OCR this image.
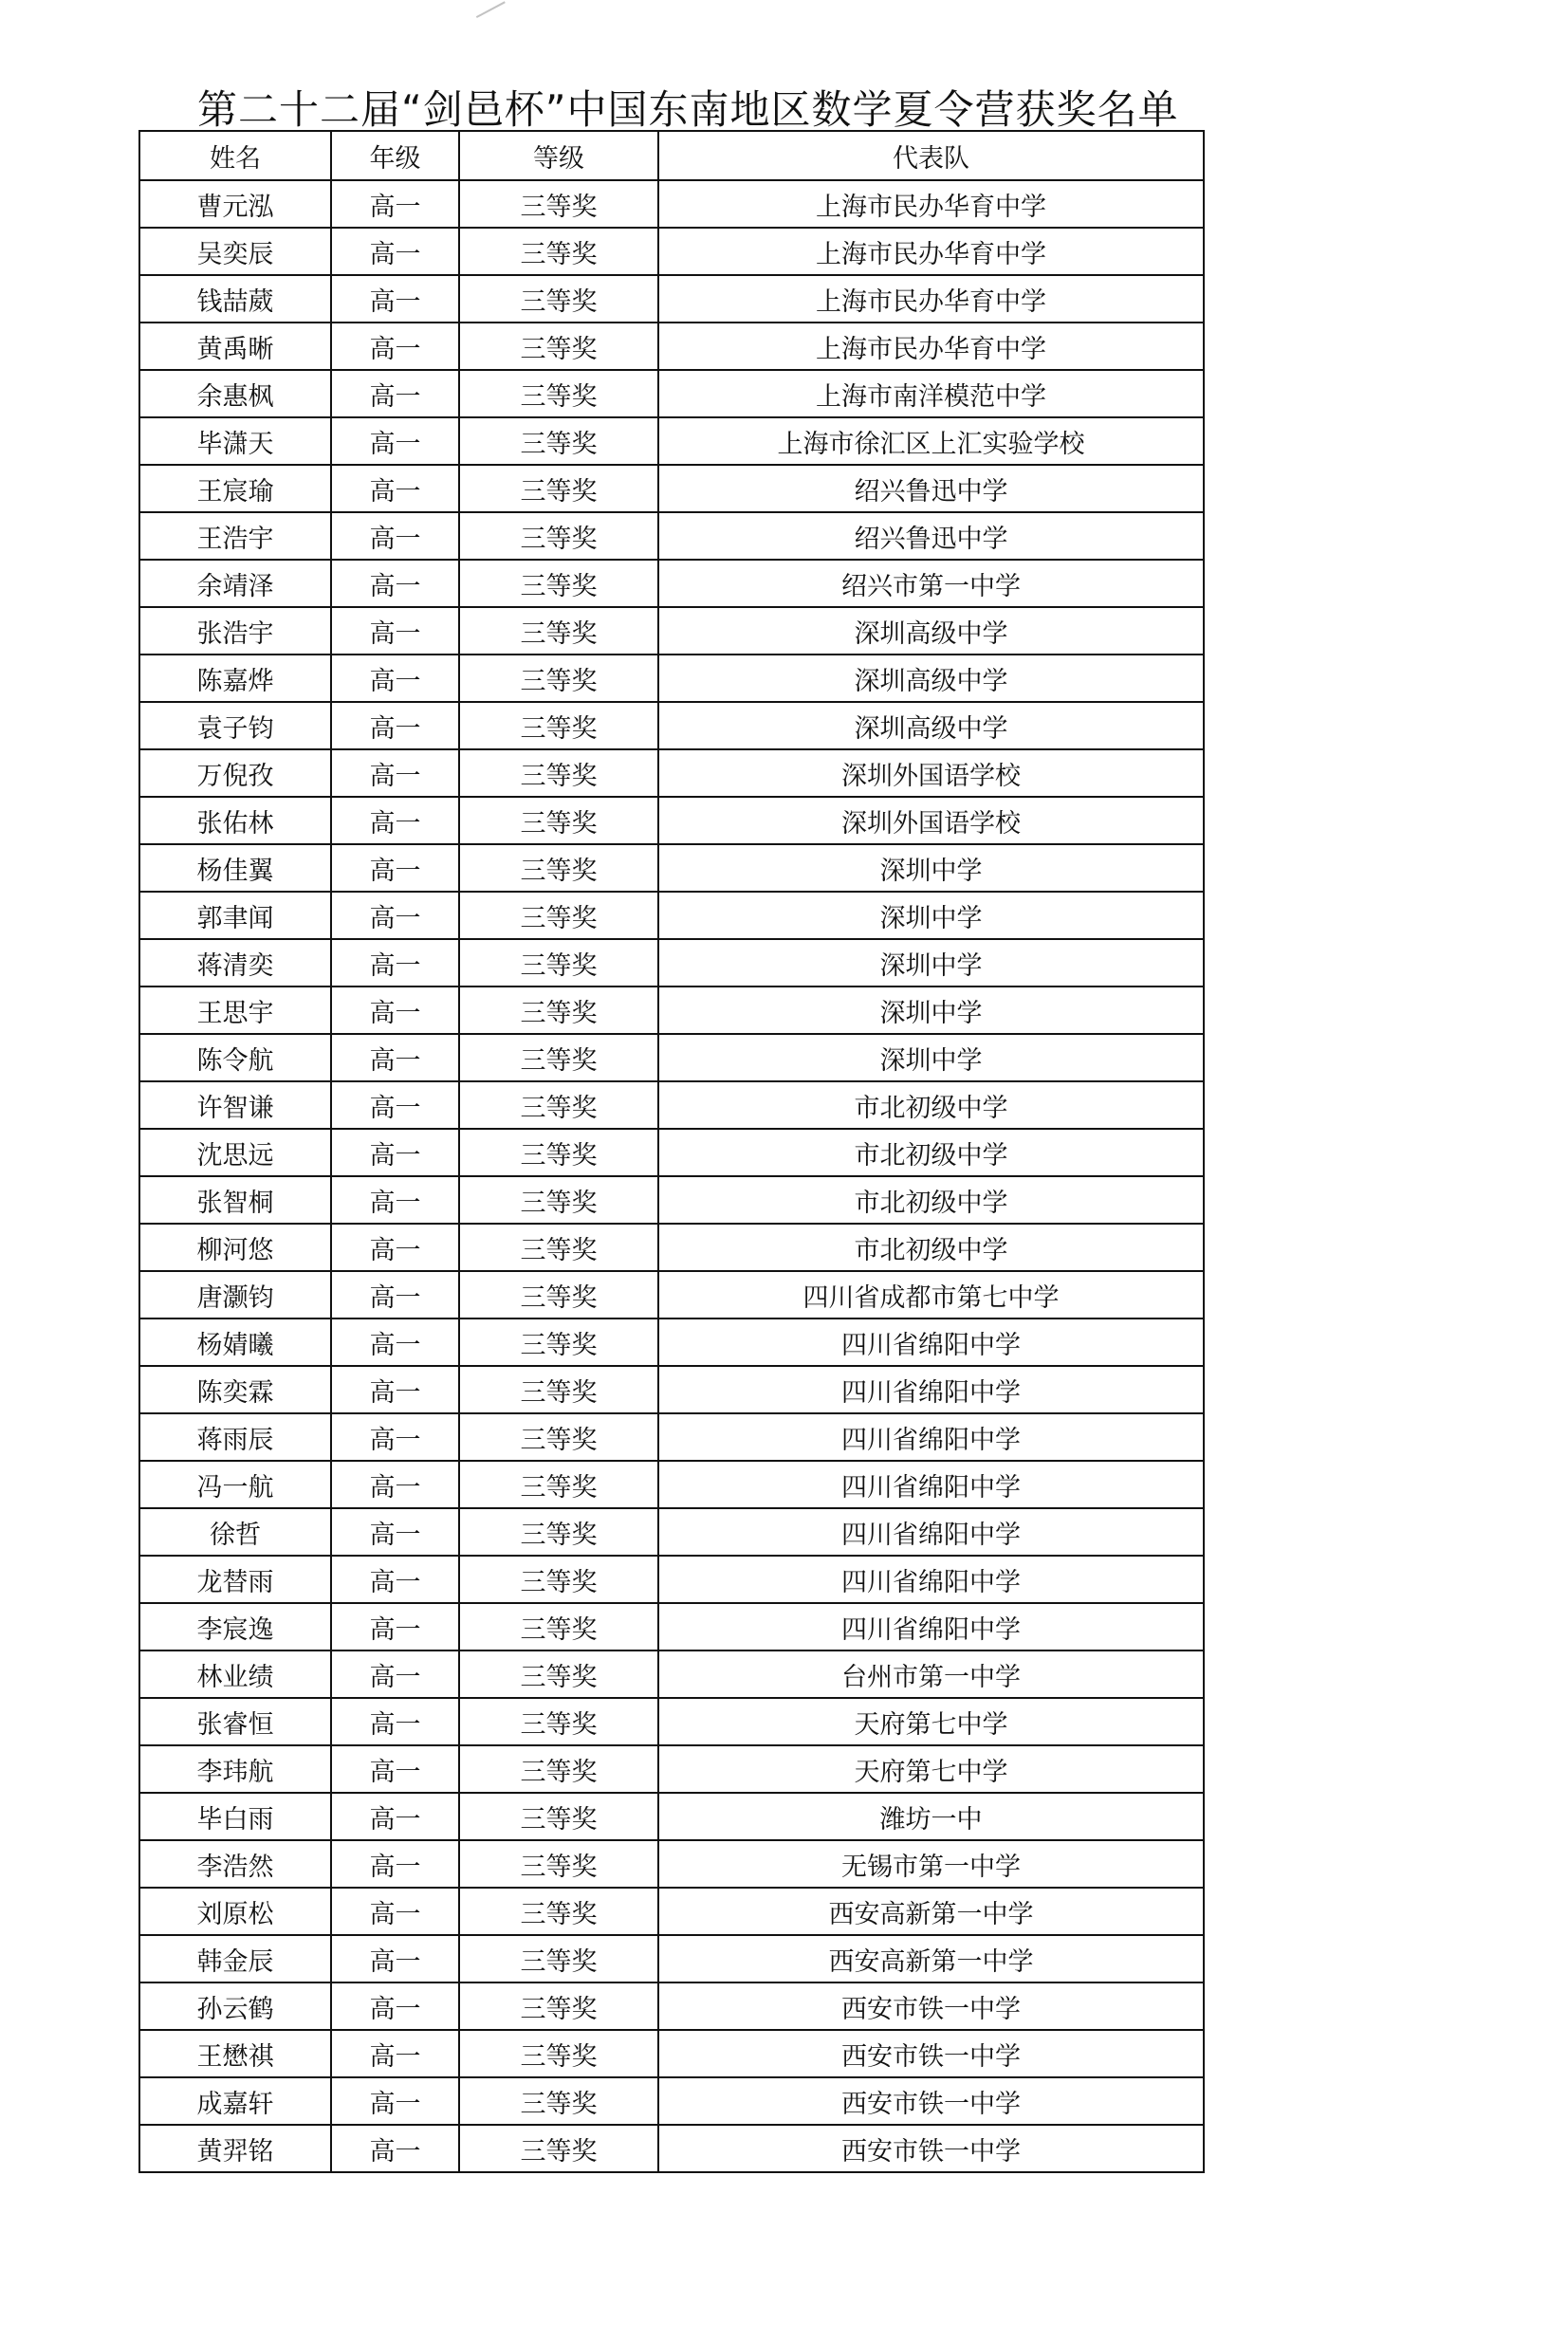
第二十二届“剑邑杯”中国东南地区数学夏令营获奖名单
姓名	年级	等级	代表队
曹元泓	高一	三等奖	上海市民办华育中学
吴奕辰	高一	三等奖	上海市民办华育中学
钱喆葳	高一	三等奖	上海市民办华育中学
黄禹晰	高一	三等奖	上海市民办华育中学
余惠枫	高一	三等奖	上海市南洋模范中学
毕潇天	高一	三等奖	上海市徐汇区上汇实验学校
王宸瑜	高一	三等奖	绍兴鲁迅中学
王浩宇	高一	三等奖	绍兴鲁迅中学
余靖泽	高一	三等奖	绍兴市第一中学
张浩宇	高一	三等奖	深圳高级中学
陈嘉烨	高一	三等奖	深圳高级中学
袁子钧	高一	三等奖	深圳高级中学
万倪孜	高一	三等奖	深圳外国语学校
张佑林	高一	三等奖	深圳外国语学校
杨佳翼	高一	三等奖	深圳中学
郭聿闻	高一	三等奖	深圳中学
蒋清奕	高一	三等奖	深圳中学
王思宇	高一	三等奖	深圳中学
陈令航	高一	三等奖	深圳中学
许智谦	高一	三等奖	市北初级中学
沈思远	高一	三等奖	市北初级中学
张智桐	高一	三等奖	市北初级中学
柳河悠	高一	三等奖	市北初级中学
唐灏钧	高一	三等奖	四川省成都市第七中学
杨婧曦	高一	三等奖	四川省绵阳中学
陈奕霖	高一	三等奖	四川省绵阳中学
蒋雨辰	高一	三等奖	四川省绵阳中学
冯一航	高一	三等奖	四川省绵阳中学
徐哲	高一	三等奖	四川省绵阳中学
龙替雨	高一	三等奖	四川省绵阳中学
李宸逸	高一	三等奖	四川省绵阳中学
林业绩	高一	三等奖	台州市第一中学
张睿恒	高一	三等奖	天府第七中学
李玮航	高一	三等奖	天府第七中学
毕白雨	高一	三等奖	潍坊一中
李浩然	高一	三等奖	无锡市第一中学
刘原松	高一	三等奖	西安高新第一中学
韩金辰	高一	三等奖	西安高新第一中学
孙云鹤	高一	三等奖	西安市铁一中学
王懋祺	高一	三等奖	西安市铁一中学
成嘉轩	高一	三等奖	西安市铁一中学
黄羿铭	高一	三等奖	西安市铁一中学
